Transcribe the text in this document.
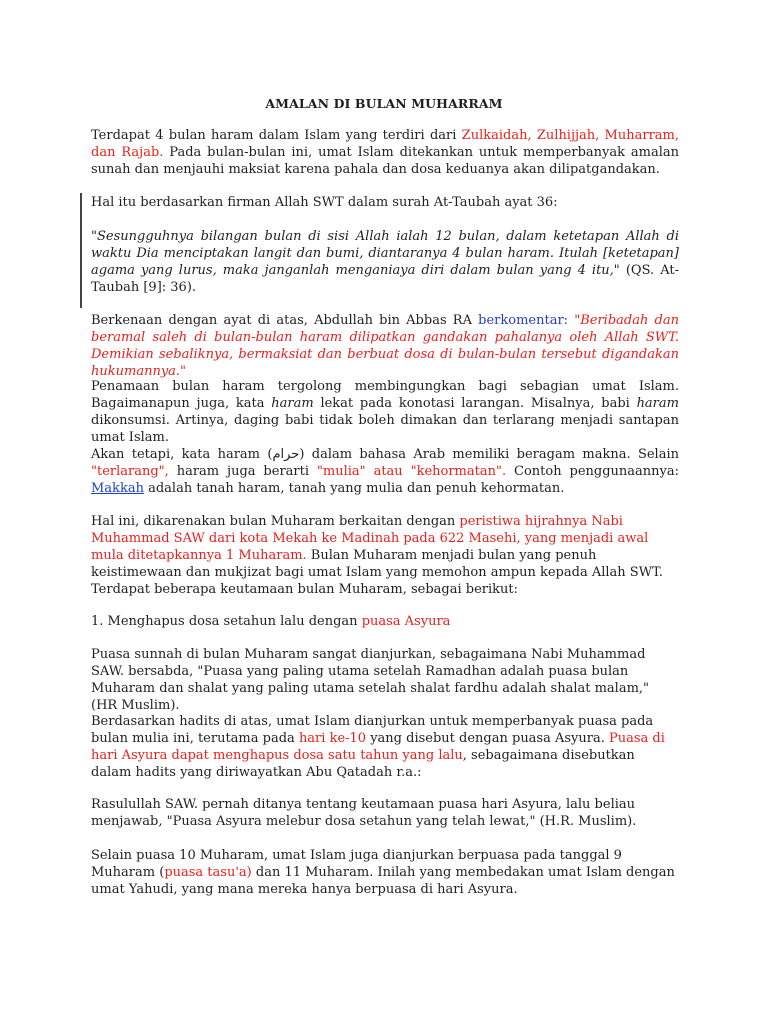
AMALAN DI BULAN MUHARRAM

Terdapat 4 bulan haram dalam Islam yang terdiri dari Zulkaidah, Zulhijjah, Muharram, dan Rajab. Pada bulan-bulan ini, umat Islam ditekankan untuk memperbanyak amalan sunah dan menjauhi maksiat karena pahala dan dosa keduanya akan dilipatgandakan.

Hal itu berdasarkan firman Allah SWT dalam surah At-Taubah ayat 36:

"Sesungguhnya bilangan bulan di sisi Allah ialah 12 bulan, dalam ketetapan Allah di waktu Dia menciptakan langit dan bumi, diantaranya 4 bulan haram. Itulah [ketetapan] agama yang lurus, maka janganlah menganiaya diri dalam bulan yang 4 itu," (QS. At-Taubah [9]: 36).

Berkenaan dengan ayat di atas, Abdullah bin Abbas RA berkomentar: "Beribadah dan beramal saleh di bulan-bulan haram dilipatkan gandakan pahalanya oleh Allah SWT. Demikian sebaliknya, bermaksiat dan berbuat dosa di bulan-bulan tersebut digandakan hukumannya."

Penamaan bulan haram tergolong membingungkan bagi sebagian umat Islam. Bagaimanapun juga, kata haram lekat pada konotasi larangan. Misalnya, babi haram dikonsumsi. Artinya, daging babi tidak boleh dimakan dan terlarang menjadi santapan umat Islam.

Akan tetapi, kata haram (حرام) dalam bahasa Arab memiliki beragam makna. Selain "terlarang", haram juga berarti "mulia" atau "kehormatan". Contoh penggunaannya: Makkah adalah tanah haram, tanah yang mulia dan penuh kehormatan.

Hal ini, dikarenakan bulan Muharam berkaitan dengan peristiwa hijrahnya Nabi Muhammad SAW dari kota Mekah ke Madinah pada 622 Masehi, yang menjadi awal mula ditetapkannya 1 Muharam. Bulan Muharam menjadi bulan yang penuh keistimewaan dan mukjizat bagi umat Islam yang memohon ampun kepada Allah SWT. Terdapat beberapa keutamaan bulan Muharam, sebagai berikut:

1. Menghapus dosa setahun lalu dengan puasa Asyura

Puasa sunnah di bulan Muharam sangat dianjurkan, sebagaimana Nabi Muhammad SAW. bersabda, "Puasa yang paling utama setelah Ramadhan adalah puasa bulan Muharam dan shalat yang paling utama setelah shalat fardhu adalah shalat malam," (HR Muslim).

Berdasarkan hadits di atas, umat Islam dianjurkan untuk memperbanyak puasa pada bulan mulia ini, terutama pada hari ke-10 yang disebut dengan puasa Asyura. Puasa di hari Asyura dapat menghapus dosa satu tahun yang lalu, sebagaimana disebutkan dalam hadits yang diriwayatkan Abu Qatadah r.a.:

Rasulullah SAW. pernah ditanya tentang keutamaan puasa hari Asyura, lalu beliau menjawab, "Puasa Asyura melebur dosa setahun yang telah lewat," (H.R. Muslim).

Selain puasa 10 Muharam, umat Islam juga dianjurkan berpuasa pada tanggal 9 Muharam (puasa tasu'a) dan 11 Muharam. Inilah yang membedakan umat Islam dengan umat Yahudi, yang mana mereka hanya berpuasa di hari Asyura.
